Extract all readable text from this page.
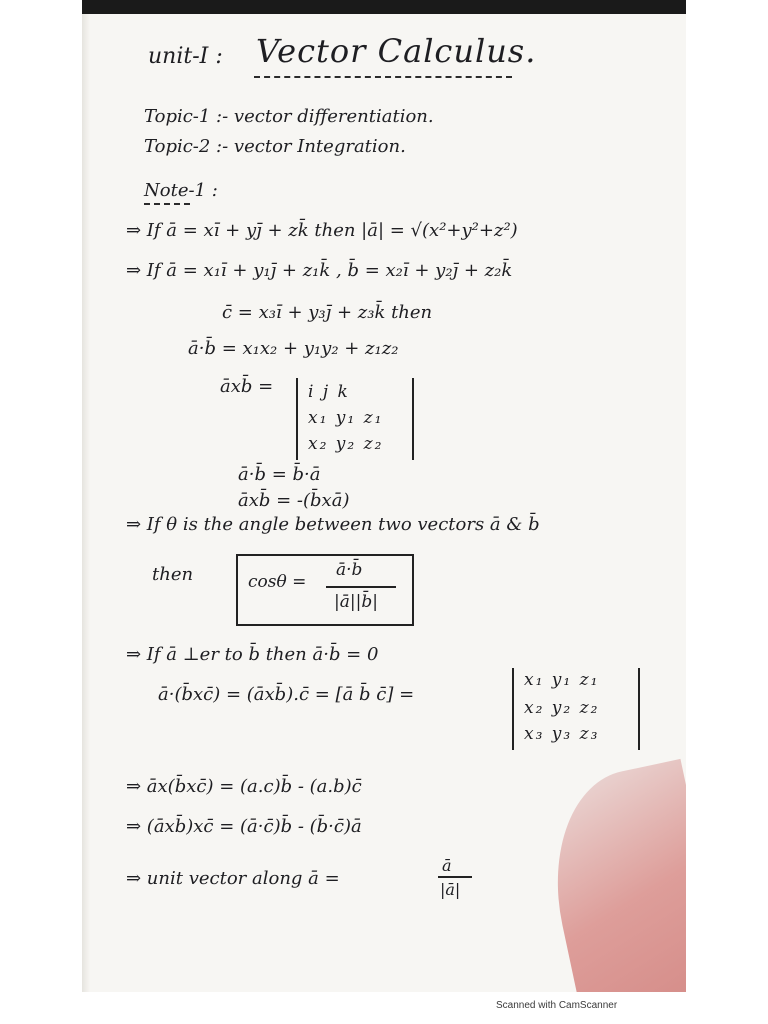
unit-I : Vector Calculus.
Topic-1 :- vector differentiation.
Topic-2 :- vector Integration.
Note-1 :
⇒ If ā = xī + yj̄ + zk̄ then |ā| = √(x²+y²+z²)
⇒ If ā = x₁ī + y₁j̄ + z₁k̄ , b̄ = x₂ī + y₂j̄ + z₂k̄
c̄ = x₃ī + y₃j̄ + z₃k̄ then
ā·b̄ = x₁x₂ + y₁y₂ + z₁z₂
āxb̄ = i j k
x₁ y₁ z₁
x₂ y₂ z₂
ā·b̄ = b̄·ā
āxb̄ = -(b̄xā)
⇒ If θ is the angle between two vectors ā & b̄
then	cosθ =
ā·b̄
|ā||b̄|
⇒ If ā ⊥er to b̄ then ā·b̄ = 0
ā·(b̄xc̄) = (āxb̄).c̄ = [ā b̄ c̄] =
x₁ y₁ z₁
x₂ y₂ z₂
x₃ y₃ z₃
⇒ āx(b̄xc̄) = (a.c)b̄ - (a.b)c̄
⇒ (āxb̄)xc̄ = (ā·c̄)b̄ - (b̄·c̄)ā
⇒ unit vector along ā =
ā
|ā|
Scanned with CamScanner
